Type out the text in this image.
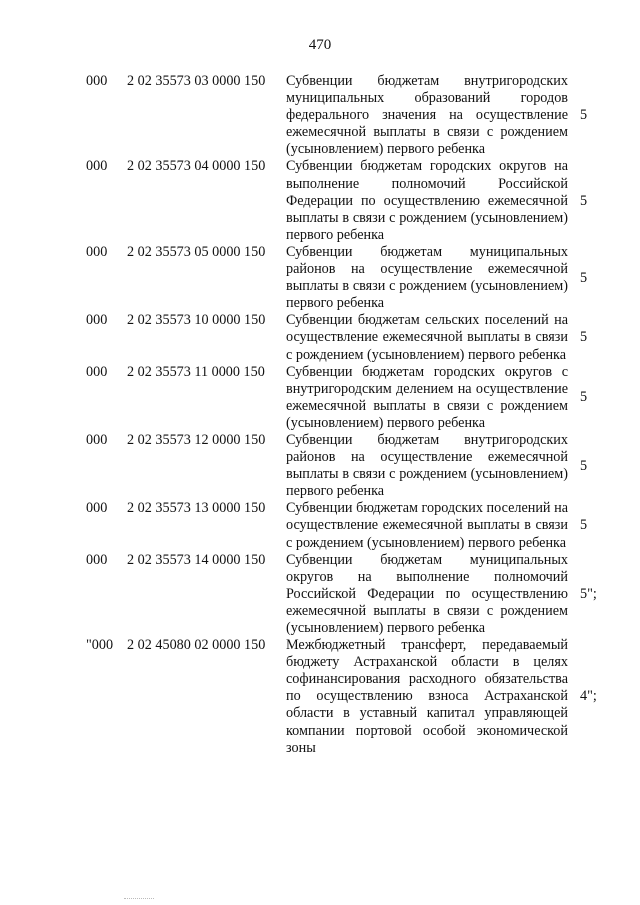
470
000 2 02 35573 03 0000 150 Субвенции бюджетам внутригородских муниципальных образований городов федерального значения на осуществление ежемесячной выплаты в связи с рождением (усыновлением) первого ребенка
5
000 2 02 35573 04 0000 150 Субвенции бюджетам городских округов на выполнение полномочий Российской Федерации по осуществлению ежемесячной выплаты в связи с рождением (усыновлением) первого ребенка
5
000 2 02 35573 05 0000 150 Субвенции бюджетам муниципальных районов на осуществление ежемесячной выплаты в связи с рождением (усыновлением) первого ребенка
5
000 2 02 35573 10 0000 150 Субвенции бюджетам сельских поселений на осуществление ежемесячной выплаты в связи с рождением (усыновлением) первого ребенка
5
000 2 02 35573 11 0000 150 Субвенции бюджетам городских округов с внутригородским делением на осуществление ежемесячной выплаты в связи с рождением (усыновлением) первого ребенка
5
000 2 02 35573 12 0000 150 Субвенции бюджетам внутригородских районов на осуществление ежемесячной выплаты в связи с рождением (усыновлением) первого ребенка
5
000 2 02 35573 13 0000 150 Субвенции бюджетам городских поселений на осуществление ежемесячной выплаты в связи с рождением (усыновлением) первого ребенка
5
000 2 02 35573 14 0000 150 Субвенции бюджетам муниципальных округов на выполнение полномочий Российской Федерации по осуществлению ежемесячной выплаты в связи с рождением (усыновлением) первого ребенка
5";
"000 2 02 45080 02 0000 150 Межбюджетный трансферт, передаваемый бюджету Астраханской области в целях софинансирования расходного обязательства по осуществлению взноса Астраханской области в уставный капитал управляющей компании портовой особой экономической зоны
4";
